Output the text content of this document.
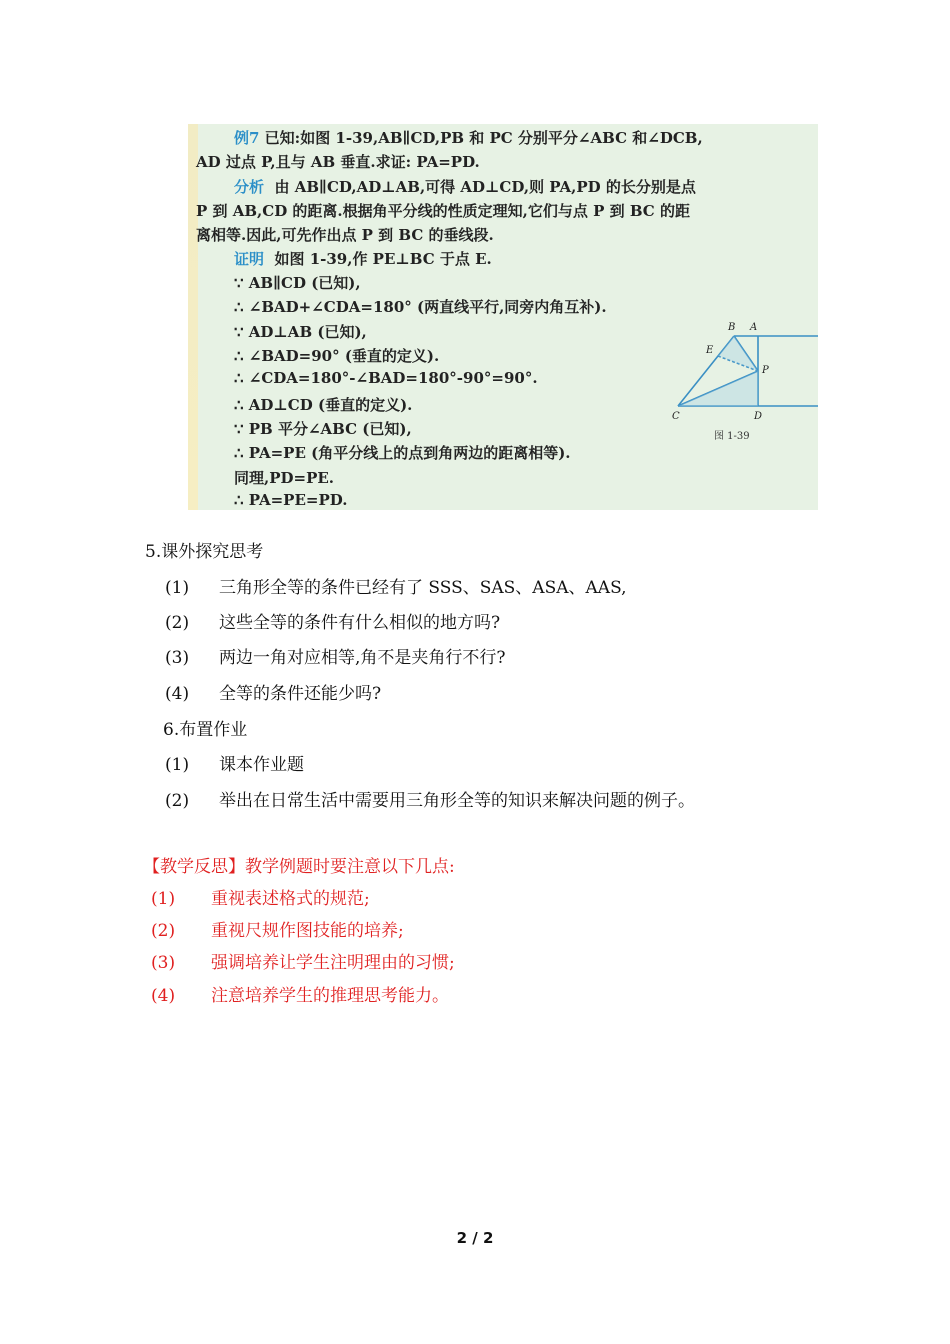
例7 已知:如图 1-39,AB∥CD,PB 和 PC 分别平分∠ABC 和∠DCB,
AD 过点 P,且与 AB 垂直.求证: PA=PD.
分析 由 AB∥CD,AD⊥AB,可得 AD⊥CD,则 PA,PD 的长分别是点
P 到 AB,CD 的距离.根据角平分线的性质定理知,它们与点 P 到 BC 的距
离相等.因此,可先作出点 P 到 BC 的垂线段.
证明 如图 1-39,作 PE⊥BC 于点 E.
∵ AB∥CD (已知),
∴ ∠BAD+∠CDA=180° (两直线平行,同旁内角互补).
∵ AD⊥AB (已知),
∴ ∠BAD=90° (垂直的定义).
∴ ∠CDA=180°-∠BAD=180°-90°=90°.
∴ AD⊥CD (垂直的定义).
∵ PB 平分∠ABC (已知),
∴ PA=PE (角平分线上的点到角两边的距离相等).
同理,PD=PE.
∴ PA=PE=PD.
B A
E
P
C	D
图 1-39
5.课外探究思考
(1) 三角形全等的条件已经有了 SSS、SAS、ASA、AAS,
(2) 这些全等的条件有什么相似的地方吗?
(3) 两边一角对应相等,角不是夹角行不行?
(4) 全等的条件还能少吗?
6.布置作业
(1) 课本作业题
(2) 举出在日常生活中需要用三角形全等的知识来解决问题的例子。
【教学反思】教学例题时要注意以下几点:
(1) 重视表述格式的规范;
(2) 重视尺规作图技能的培养;
(3) 强调培养让学生注明理由的习惯;
(4) 注意培养学生的推理思考能力。
2 / 2
